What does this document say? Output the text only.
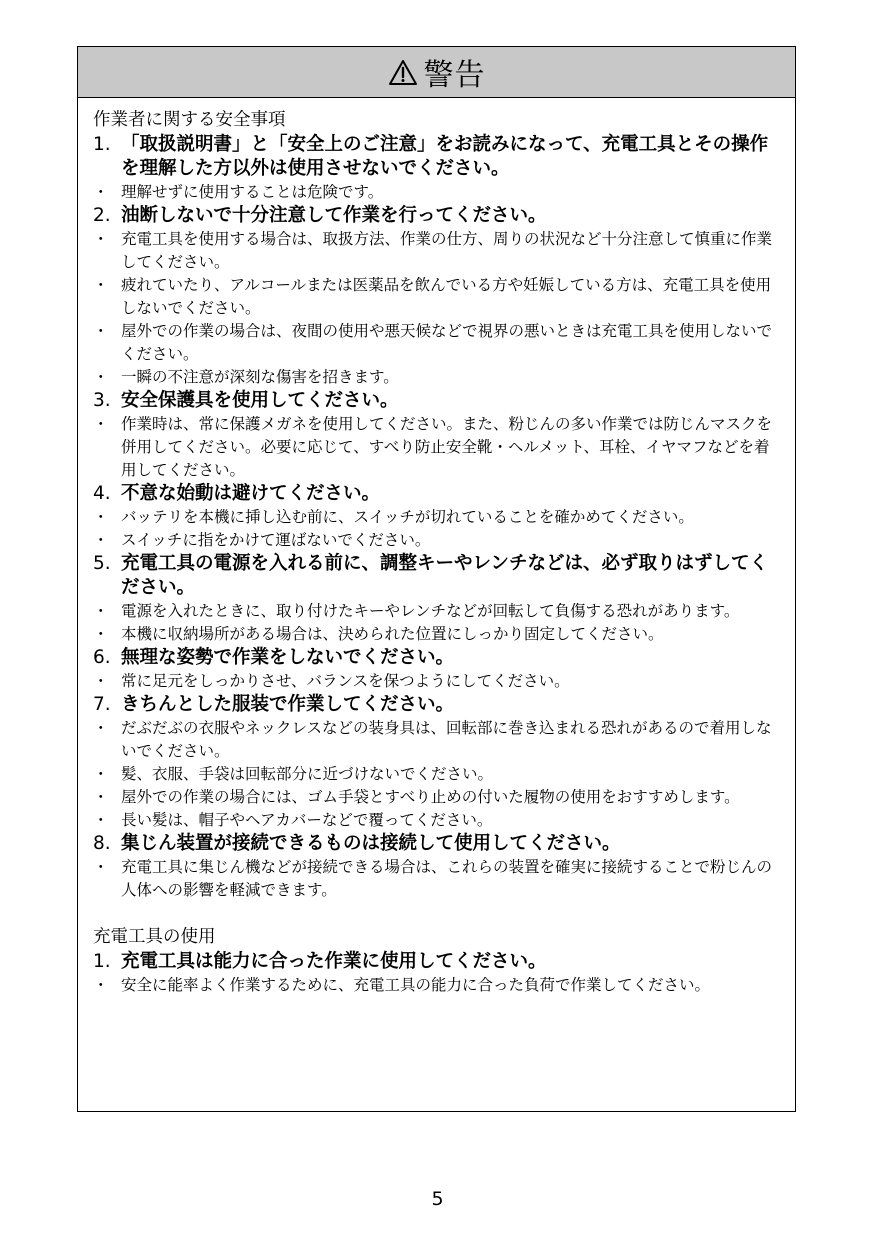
警告
作業者に関する安全事項
1. 「取扱説明書」と「安全上のご注意」をお読みになって、充電工具とその操作を理解した方以外は使用させないでください。
・ 理解せずに使用することは危険です。
2. 油断しないで十分注意して作業を行ってください。
・ 充電工具を使用する場合は、取扱方法、作業の仕方、周りの状況など十分注意して慎重に作業してください。
・ 疲れていたり、アルコールまたは医薬品を飲んでいる方や妊娠している方は、充電工具を使用しないでください。
・ 屋外での作業の場合は、夜間の使用や悪天候などで視界の悪いときは充電工具を使用しないでください。
・ 一瞬の不注意が深刻な傷害を招きます。
3. 安全保護具を使用してください。
・ 作業時は、常に保護メガネを使用してください。また、粉じんの多い作業では防じんマスクを併用してください。必要に応じて、すべり防止安全靴・ヘルメット、耳栓、イヤマフなどを着用してください。
4. 不意な始動は避けてください。
・ バッテリを本機に挿し込む前に、スイッチが切れていることを確かめてください。
・ スイッチに指をかけて運ばないでください。
5. 充電工具の電源を入れる前に、調整キーやレンチなどは、必ず取りはずしてください。
・ 電源を入れたときに、取り付けたキーやレンチなどが回転して負傷する恐れがあります。
・ 本機に収納場所がある場合は、決められた位置にしっかり固定してください。
6. 無理な姿勢で作業をしないでください。
・ 常に足元をしっかりさせ、バランスを保つようにしてください。
7. きちんとした服装で作業してください。
・ だぶだぶの衣服やネックレスなどの装身具は、回転部に巻き込まれる恐れがあるので着用しないでください。
・ 髪、衣服、手袋は回転部分に近づけないでください。
・ 屋外での作業の場合には、ゴム手袋とすべり止めの付いた履物の使用をおすすめします。
・ 長い髪は、帽子やヘアカバーなどで覆ってください。
8. 集じん装置が接続できるものは接続して使用してください。
・ 充電工具に集じん機などが接続できる場合は、これらの装置を確実に接続することで粉じんの人体への影響を軽減できます。
充電工具の使用
1. 充電工具は能力に合った作業に使用してください。
・ 安全に能率よく作業するために、充電工具の能力に合った負荷で作業してください。
5
